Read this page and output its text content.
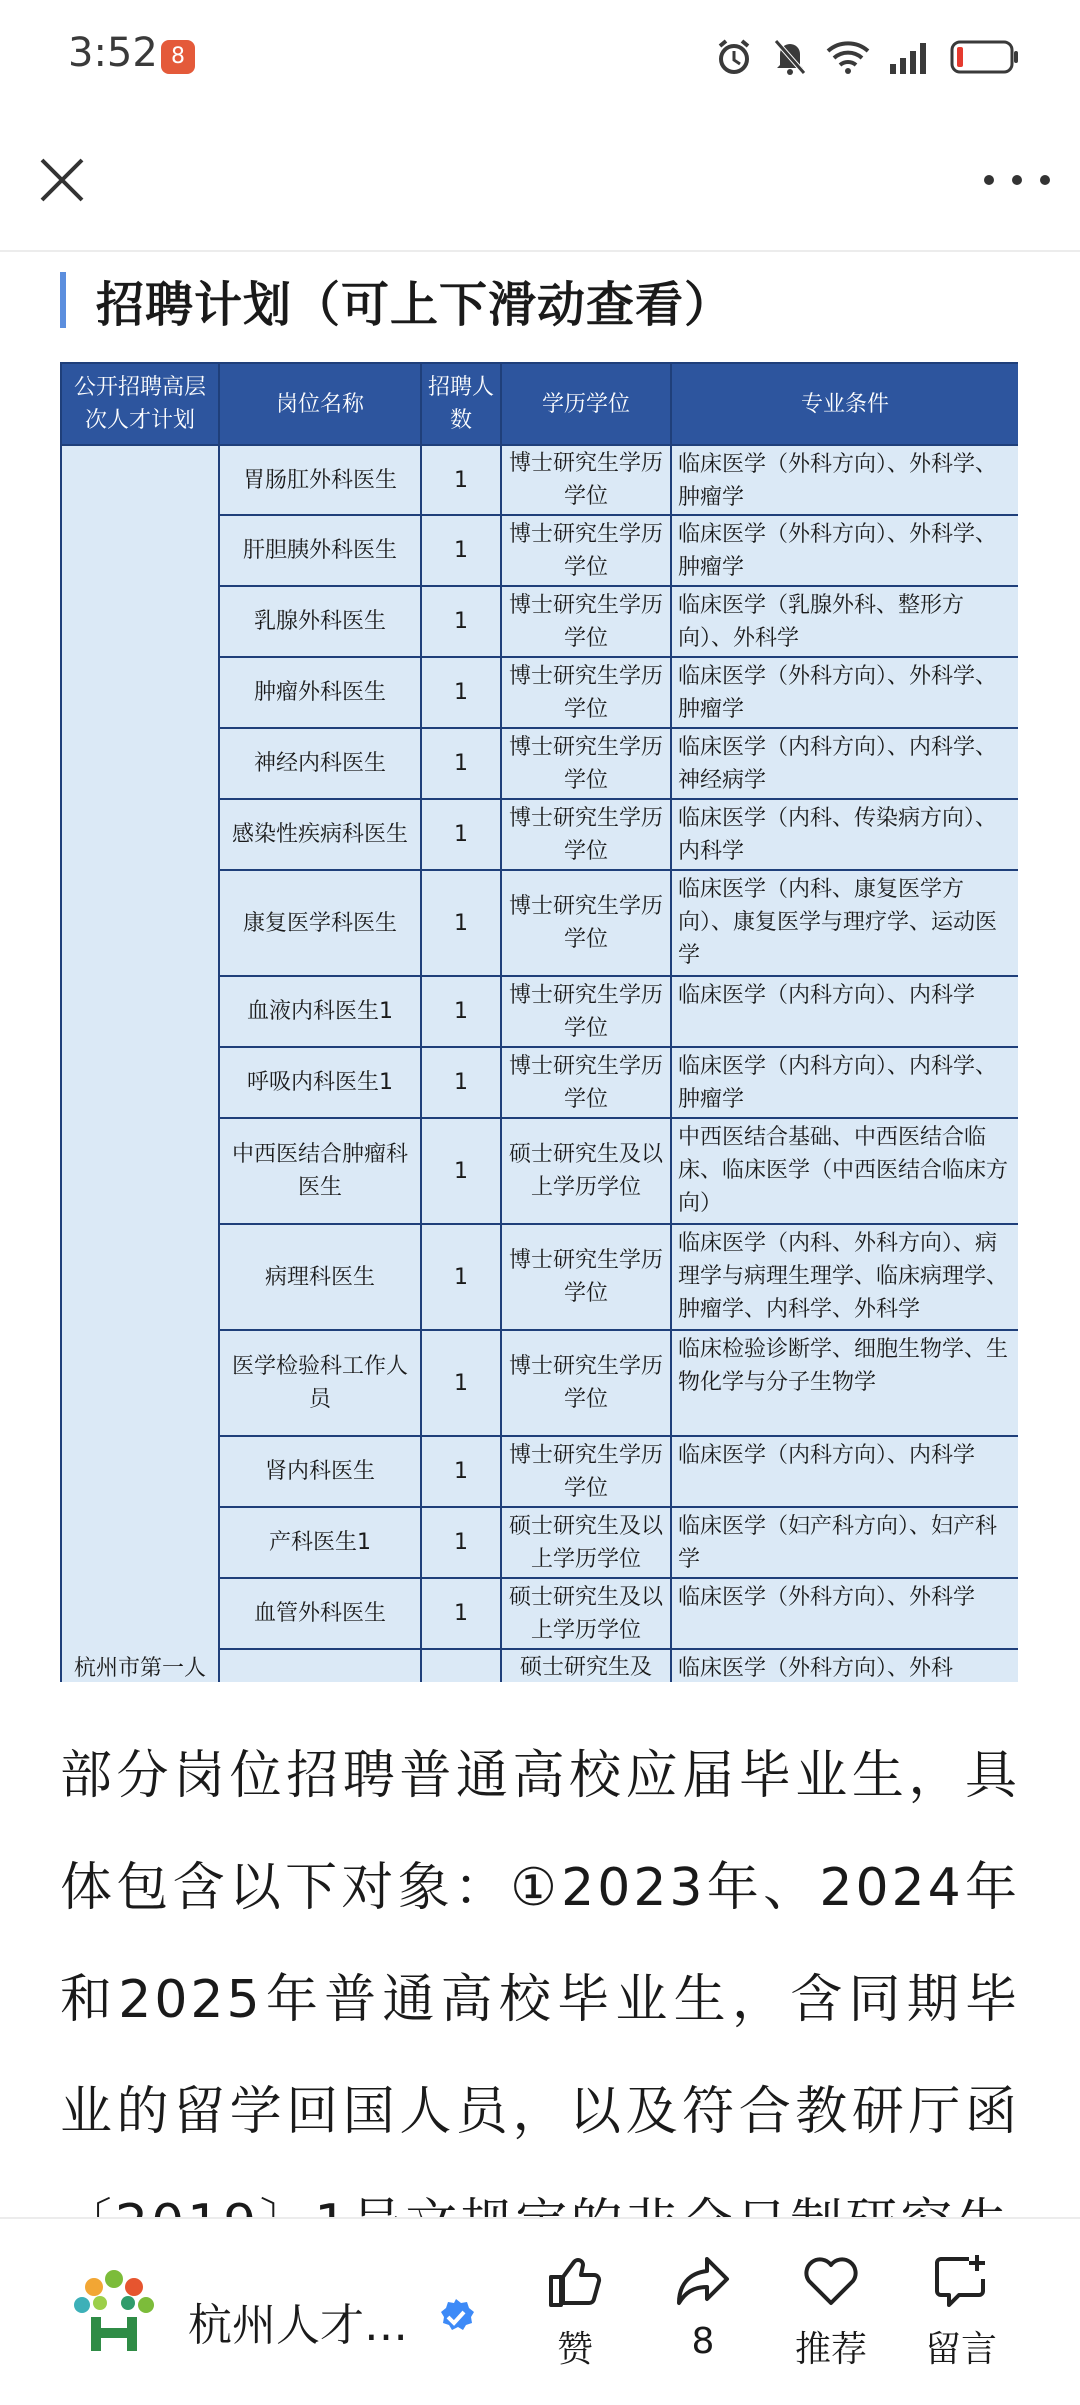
3:52 8
招聘计划（可上下滑动查看）
公开招聘高层次人才计划	岗位名称	招聘人数	学历学位	专业条件
杭州市第一人	胃肠肛外科医生	1	博士研究生学历学位	临床医学（外科方向）、外科学、肿瘤学
	肝胆胰外科医生	1	博士研究生学历学位	临床医学（外科方向）、外科学、肿瘤学
	乳腺外科医生	1	博士研究生学历学位	临床医学（乳腺外科、整形方向）、外科学
	肿瘤外科医生	1	博士研究生学历学位	临床医学（外科方向）、外科学、肿瘤学
	神经内科医生	1	博士研究生学历学位	临床医学（内科方向）、内科学、神经病学
	感染性疾病科医生	1	博士研究生学历学位	临床医学（内科、传染病方向）、内科学
	康复医学科医生	1	博士研究生学历学位	临床医学（内科、康复医学方向）、康复医学与理疗学、运动医学
	血液内科医生1	1	博士研究生学历学位	临床医学（内科方向）、内科学
	呼吸内科医生1	1	博士研究生学历学位	临床医学（内科方向）、内科学、肿瘤学
	中西医结合肿瘤科医生	1	硕士研究生及以上学历学位	中西医结合基础、中西医结合临床、临床医学（中西医结合临床方向）
	病理科医生	1	博士研究生学历学位	临床医学（内科、外科方向）、病理学与病理生理学、临床病理学、肿瘤学、内科学、外科学
	医学检验科工作人员	1	博士研究生学历学位	临床检验诊断学、细胞生物学、生物化学与分子生物学
	肾内科医生	1	博士研究生学历学位	临床医学（内科方向）、内科学
	产科医生1	1	硕士研究生及以上学历学位	临床医学（妇产科方向）、妇产科学
	血管外科医生	1	硕士研究生及以上学历学位	临床医学（外科方向）、外科学
			硕士研究生及	临床医学（外科方向）、外科
部分岗位招聘普通高校应届毕业生，具体包含以下对象：①2023年、2024年和2025年普通高校毕业生，含同期毕业的留学回国人员，以及符合教研厅函
杭州人才…	赞	8	推荐	留言
